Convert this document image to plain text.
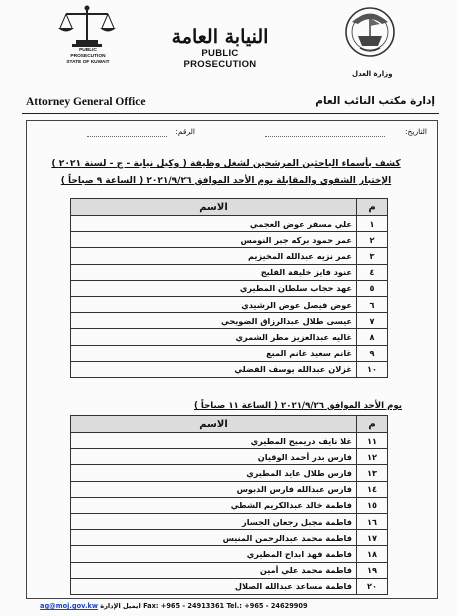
PUBLIC PROSECUTION
STATE OF KUWAIT
النيابة العامة
PUBLIC PROSECUTION
وزارة العدل
Attorney General Office	إدارة مكتب النائب العام
التاريخ:
الرقم:
كشف بأسماء الباحثين المرشحين لشغل وظيفة ( وكيل نيابة - ج - لسنة ٢٠٢١ )
الإختبار الشفوي والمقابلة يوم الأحد الموافق ٢٠٢١/٩/٢٦ ( الساعة ٩ صباحاً )
م	الاسم
١	علي مسفر عوض العجمي
٢	عمر حمود بركه جبر النومس
٣	عمر نزيه عبدالله المخيزيم
٤	عنود فايز خليفة الفليج
٥	عهد حجاب سلطان المطيري
٦	عوض فيصل عوض الرشيدي
٧	عيسى طلال عبدالرزاق الضويحي
٨	غاليه عبدالعزيز مطر الشمري
٩	غانم سعيد غانم المبع
١٠	غزلان عبدالله يوسف الفضلي
يوم الأحد الموافق ٢٠٢١/٩/٢٦ ( الساعة ١١ صباحاً )
م	الاسم
١١	غلا نايف دريميح المطيري
١٢	فارس بدر أحمد الوقيان
١٣	فارس طلال عايد المطيري
١٤	فارس عبدالله فارس الدبوس
١٥	فاطمة خالد عبدالكريم الشطي
١٦	فاطمة مجبل رجعان الجسار
١٧	فاطمة محمد عبدالرحمن المنيس
١٨	فاطمة فهد ابداح المطيري
١٩	فاطمة محمد علي أمين
٢٠	فاطمة مساعد عبدالله الصلال
ag@moj.gov.kw ايميل الإدارة Fax: +965 - 24913361 Tel.: +965 - 24629909
